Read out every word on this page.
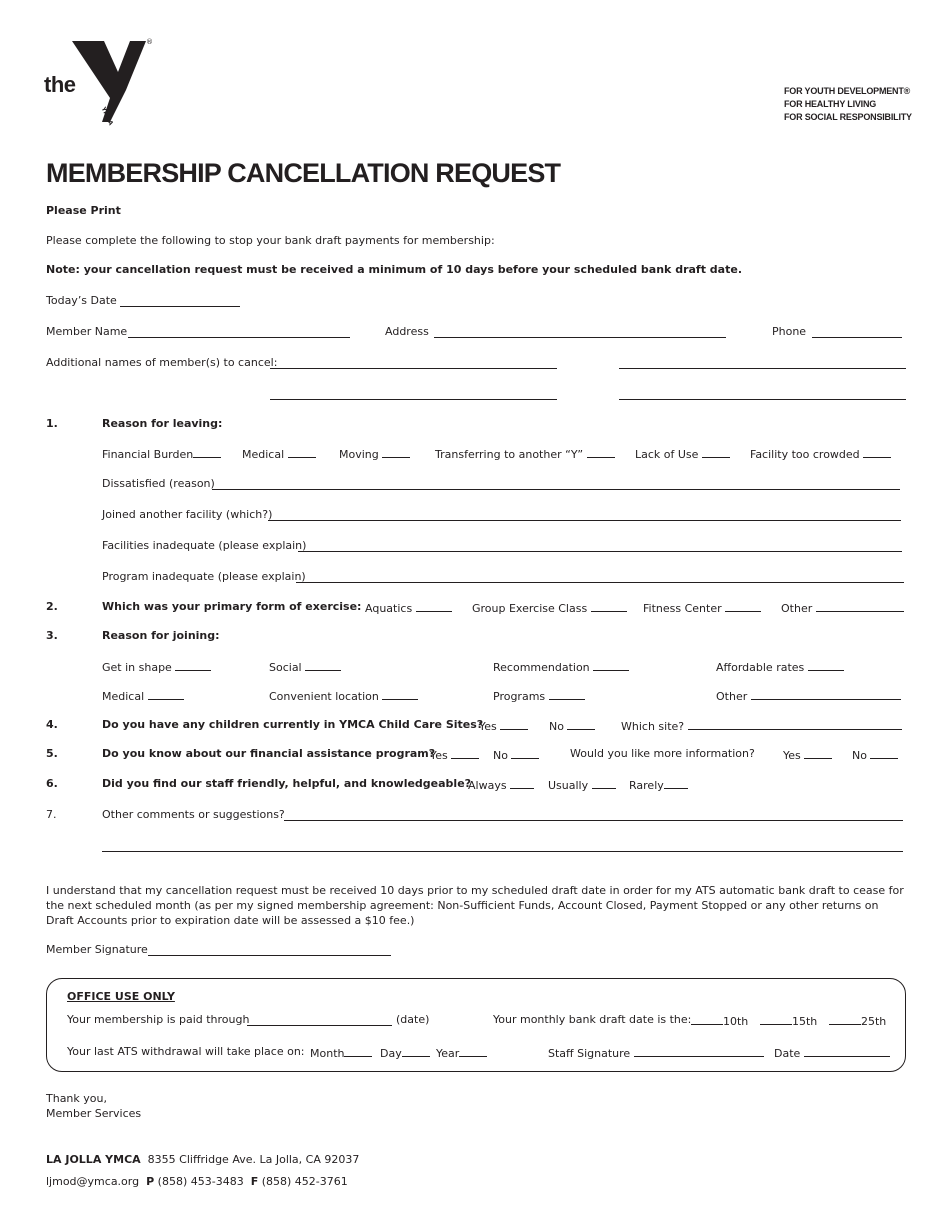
the
®
YMCA
FOR YOUTH DEVELOPMENT®
FOR HEALTHY LIVING
FOR SOCIAL RESPONSIBILITY
MEMBERSHIP CANCELLATION REQUEST
Please Print
Please complete the following to stop your bank draft payments for membership:
Note: your cancellation request must be received a minimum of 10 days before your scheduled bank draft date.
Today’s Date
Member Name	Address	Phone
Additional names of member(s) to cancel:
1.	Reason for leaving:
Financial Burden	Medical	Moving	Transferring to another “Y”	Lack of Use	Facility too crowded
Dissatisfied (reason)
Joined another facility (which?)
Facilities inadequate (please explain)
Program inadequate (please explain)
2.	Which was your primary form of exercise: Aquatics	Group Exercise Class	Fitness Center	Other
3.	Reason for joining:
Get in shape	Social	Recommendation	Affordable rates
Medical	Convenient location	Programs	Other
4.	Do you have any children currently in YMCA Child Care Sites?
Yes	No	Which site?
5.	Do you know about our financial assistance program?
Yes	No	Would you like more information?	Yes	No
6.	Did you find our staff friendly, helpful, and knowledgeable?
Always	Usually	Rarely
7.	Other comments or suggestions?
I understand that my cancellation request must be received 10 days prior to my scheduled draft date in order for my ATS automatic bank draft to cease for the next scheduled month (as per my signed membership agreement: Non-Sufficient Funds, Account Closed, Payment Stopped or any other returns on Draft Accounts prior to expiration date will be assessed a $10 fee.)
Member Signature
OFFICE USE ONLY
Your membership is paid through	(date)	Your monthly bank draft date is the:	10th	15th	25th
Your last ATS withdrawal will take place on: Month	Day	Year	Staff Signature	Date
Thank you,
Member Services
LA JOLLA YMCA 8355 Cliffridge Ave. La Jolla, CA 92037
ljmod@ymca.org P (858) 453-3483 F (858) 452-3761
